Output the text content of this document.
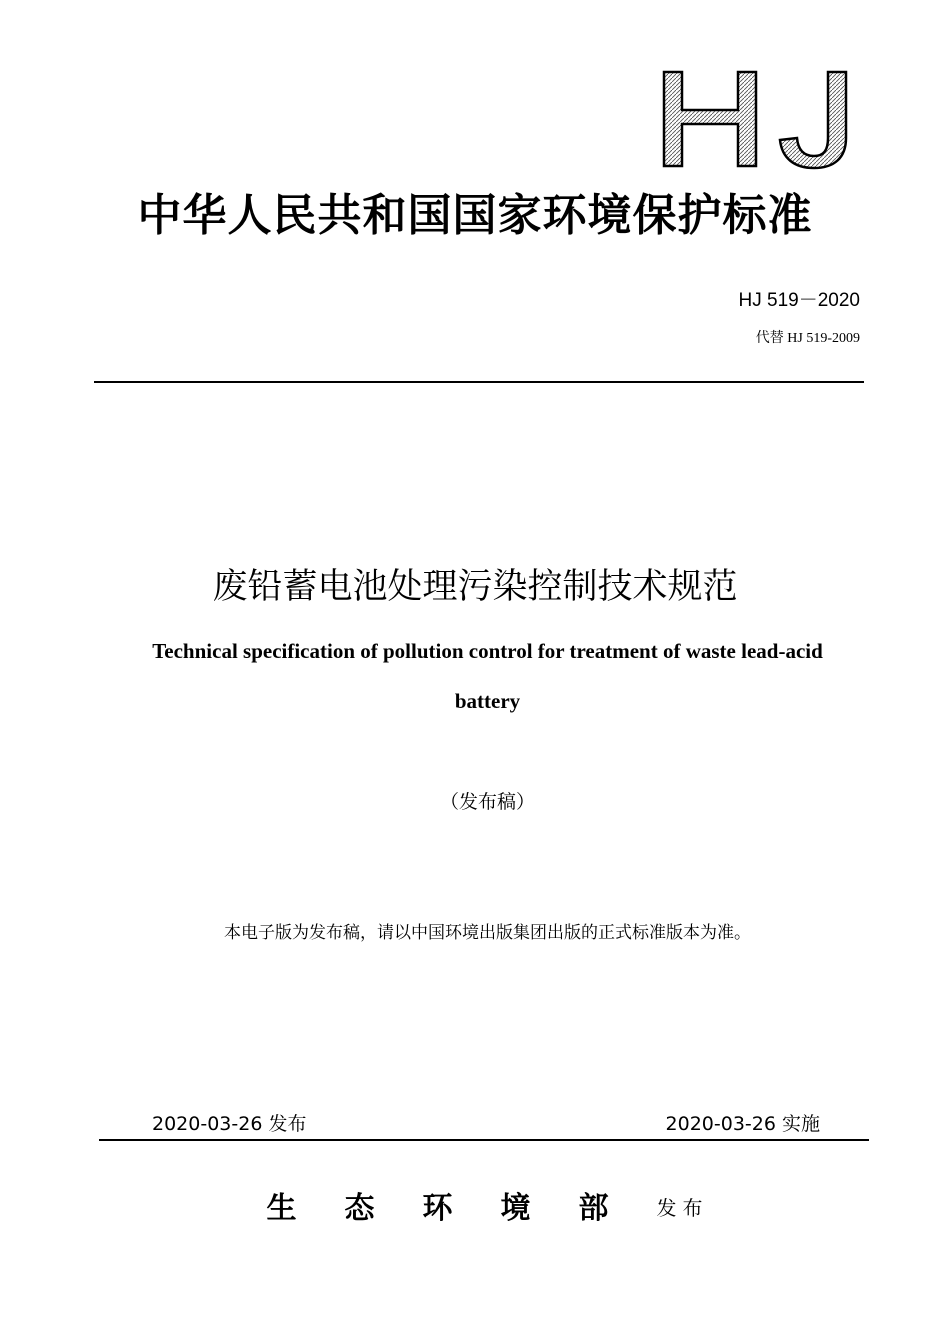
中华人民共和国国家环境保护标准
HJ 519－2020
代替 HJ 519-2009
废铅蓄电池处理污染控制技术规范
Technical specification of pollution control for treatment of waste lead-acid
battery
（发布稿）
本电子版为发布稿，请以中国环境出版集团出版的正式标准版本为准。
2020-03-26 发布	2020-03-26 实施
生态环境部发布
